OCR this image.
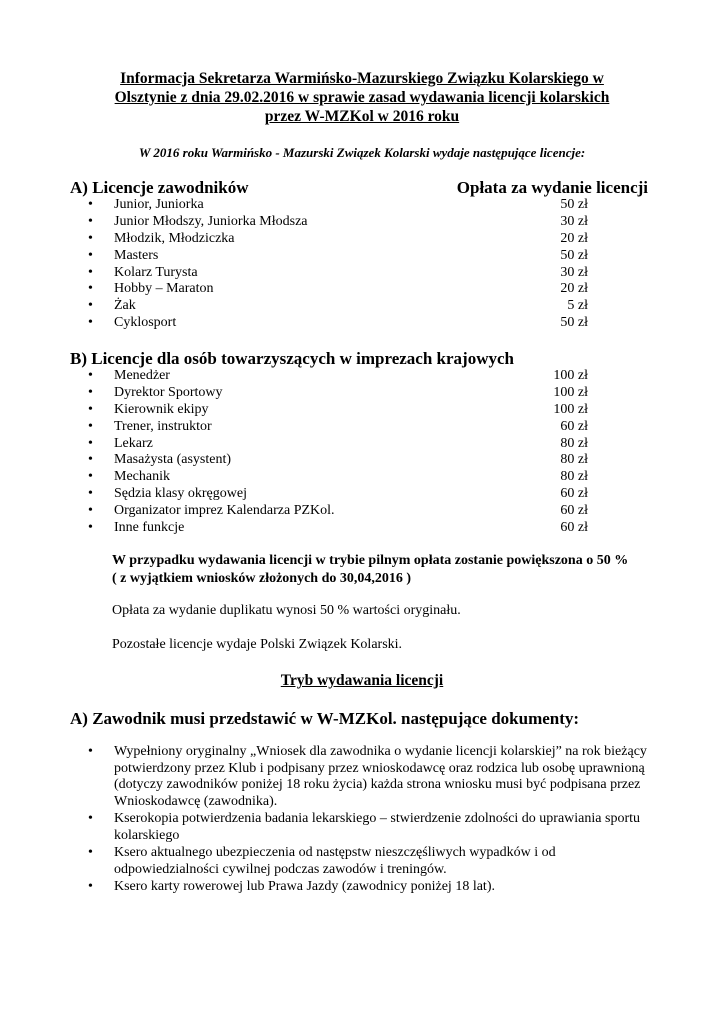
Informacja Sekretarza Warmińsko-Mazurskiego Związku Kolarskiego w
Olsztynie z dnia 29.02.2016 w sprawie zasad wydawania licencji kolarskich
przez W-MZKol w 2016 roku
W 2016 roku Warmińsko - Mazurski Związek Kolarski wydaje następujące licencje:
A) Licencje zawodników	Opłata za wydanie licencji
• Junior, Juniorka	50 zł
• Junior Młodszy, Juniorka Młodsza	30 zł
• Młodzik, Młodziczka	20 zł
• Masters	50 zł
• Kolarz Turysta	30 zł
• Hobby – Maraton	20 zł
• Żak	5 zł
• Cyklosport	50 zł
B) Licencje dla osób towarzyszących w imprezach krajowych
• Menedżer	100 zł
• Dyrektor Sportowy	100 zł
• Kierownik ekipy	100 zł
• Trener, instruktor	60 zł
• Lekarz	80 zł
• Masażysta (asystent)	80 zł
• Mechanik	80 zł
• Sędzia klasy okręgowej	60 zł
• Organizator imprez Kalendarza PZKol.	60 zł
• Inne funkcje	60 zł
W przypadku wydawania licencji w trybie pilnym opłata zostanie powiększona o 50 %
( z wyjątkiem wniosków złożonych do 30,04,2016 )
Opłata za wydanie duplikatu wynosi 50 % wartości oryginału.
Pozostałe licencje wydaje Polski Związek Kolarski.
Tryb wydawania licencji
A) Zawodnik musi przedstawić w W-MZKol. następujące dokumenty:
• Wypełniony oryginalny „Wniosek dla zawodnika o wydanie licencji kolarskiej” na rok bieżący potwierdzony przez Klub i podpisany przez wnioskodawcę oraz rodzica lub osobę uprawnioną (dotyczy zawodników poniżej 18 roku życia) każda strona wniosku musi być podpisana przez Wnioskodawcę (zawodnika).
• Kserokopia potwierdzenia badania lekarskiego – stwierdzenie zdolności do uprawiania sportu kolarskiego
• Ksero aktualnego ubezpieczenia od następstw nieszczęśliwych wypadków i od odpowiedzialności cywilnej podczas zawodów i treningów.
• Ksero karty rowerowej lub Prawa Jazdy (zawodnicy poniżej 18 lat).
